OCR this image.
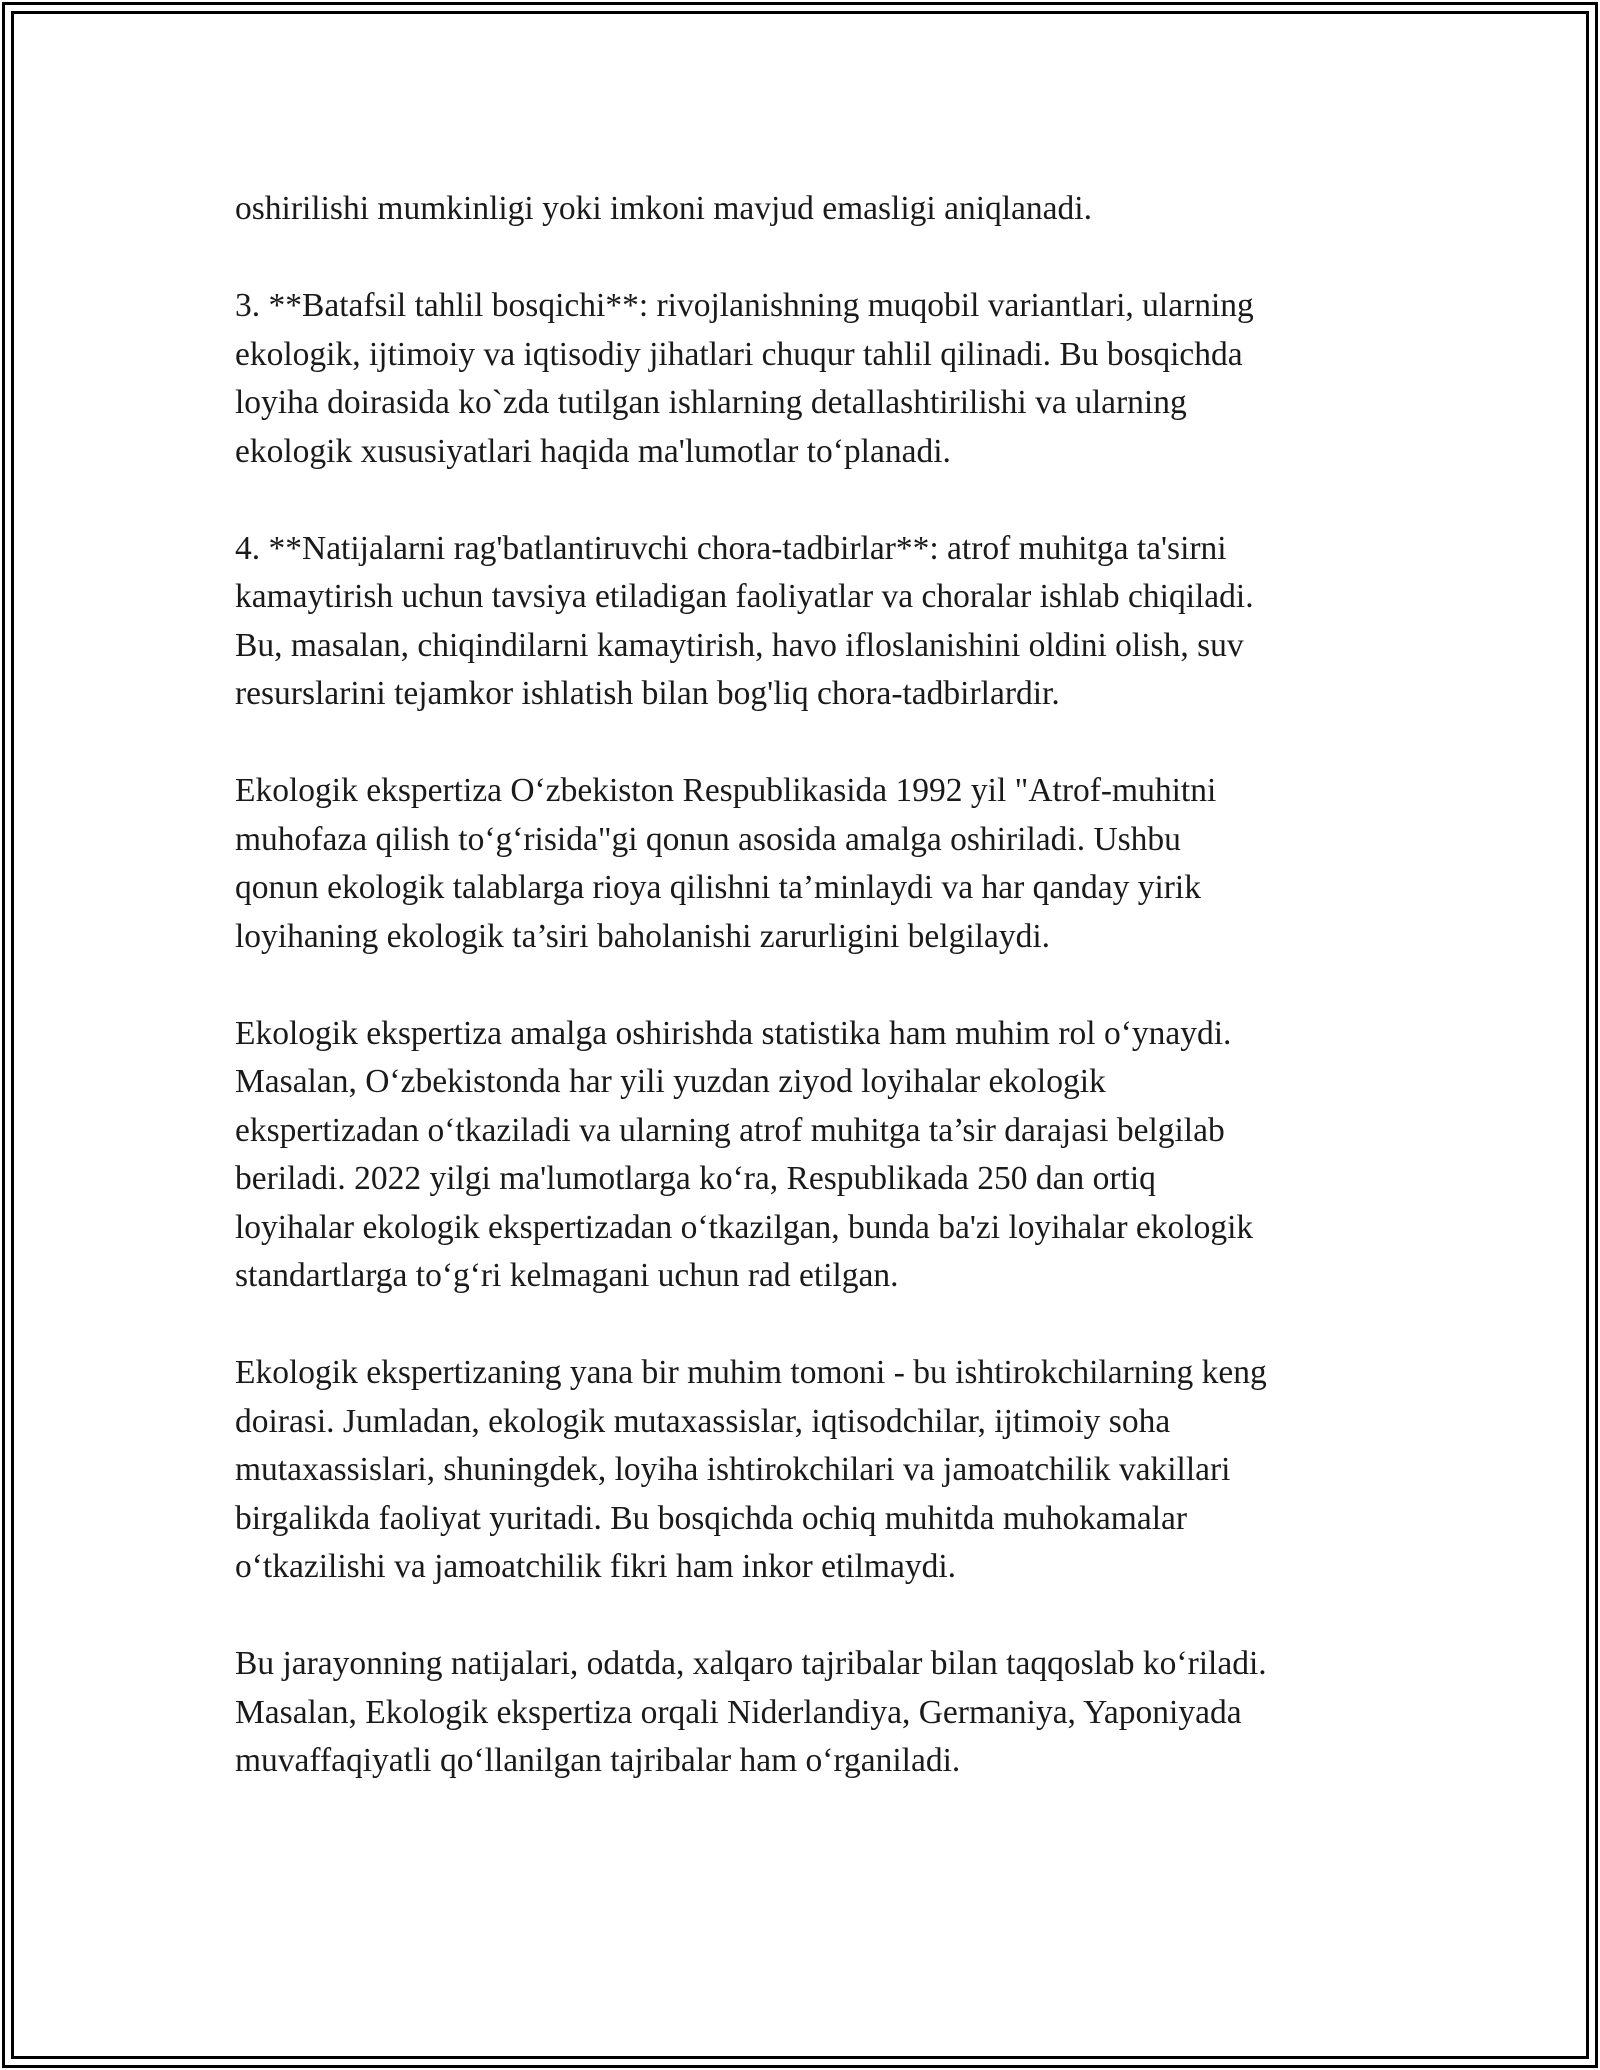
oshirilishi mumkinligi yoki imkoni mavjud emasligi aniqlanadi.

3. **Batafsil tahlil bosqichi**: rivojlanishning muqobil variantlari, ularning
ekologik, ijtimoiy va iqtisodiy jihatlari chuqur tahlil qilinadi. Bu bosqichda
loyiha doirasida ko`zda tutilgan ishlarning detallashtirilishi va ularning
ekologik xususiyatlari haqida ma'lumotlar to‘planadi.

4. **Natijalarni rag'batlantiruvchi chora-tadbirlar**: atrof muhitga ta'sirni
kamaytirish uchun tavsiya etiladigan faoliyatlar va choralar ishlab chiqiladi.
Bu, masalan, chiqindilarni kamaytirish, havo ifloslanishini oldini olish, suv
resurslarini tejamkor ishlatish bilan bog'liq chora-tadbirlardir.

Ekologik ekspertiza O‘zbekiston Respublikasida 1992 yil "Atrof-muhitni
muhofaza qilish to‘g‘risida"gi qonun asosida amalga oshiriladi. Ushbu
qonun ekologik talablarga rioya qilishni ta’minlaydi va har qanday yirik
loyihaning ekologik ta’siri baholanishi zarurligini belgilaydi.

Ekologik ekspertiza amalga oshirishda statistika ham muhim rol o‘ynaydi.
Masalan, O‘zbekistonda har yili yuzdan ziyod loyihalar ekologik
ekspertizadan o‘tkaziladi va ularning atrof muhitga ta’sir darajasi belgilab
beriladi. 2022 yilgi ma'lumotlarga ko‘ra, Respublikada 250 dan ortiq
loyihalar ekologik ekspertizadan o‘tkazilgan, bunda ba'zi loyihalar ekologik
standartlarga to‘g‘ri kelmagani uchun rad etilgan.

Ekologik ekspertizaning yana bir muhim tomoni - bu ishtirokchilarning keng
doirasi. Jumladan, ekologik mutaxassislar, iqtisodchilar, ijtimoiy soha
mutaxassislari, shuningdek, loyiha ishtirokchilari va jamoatchilik vakillari
birgalikda faoliyat yuritadi. Bu bosqichda ochiq muhitda muhokamalar
o‘tkazilishi va jamoatchilik fikri ham inkor etilmaydi.

Bu jarayonning natijalari, odatda, xalqaro tajribalar bilan taqqoslab ko‘riladi.
Masalan, Ekologik ekspertiza orqali Niderlandiya, Germaniya, Yaponiyada
muvaffaqiyatli qo‘llanilgan tajribalar ham o‘rganiladi.
